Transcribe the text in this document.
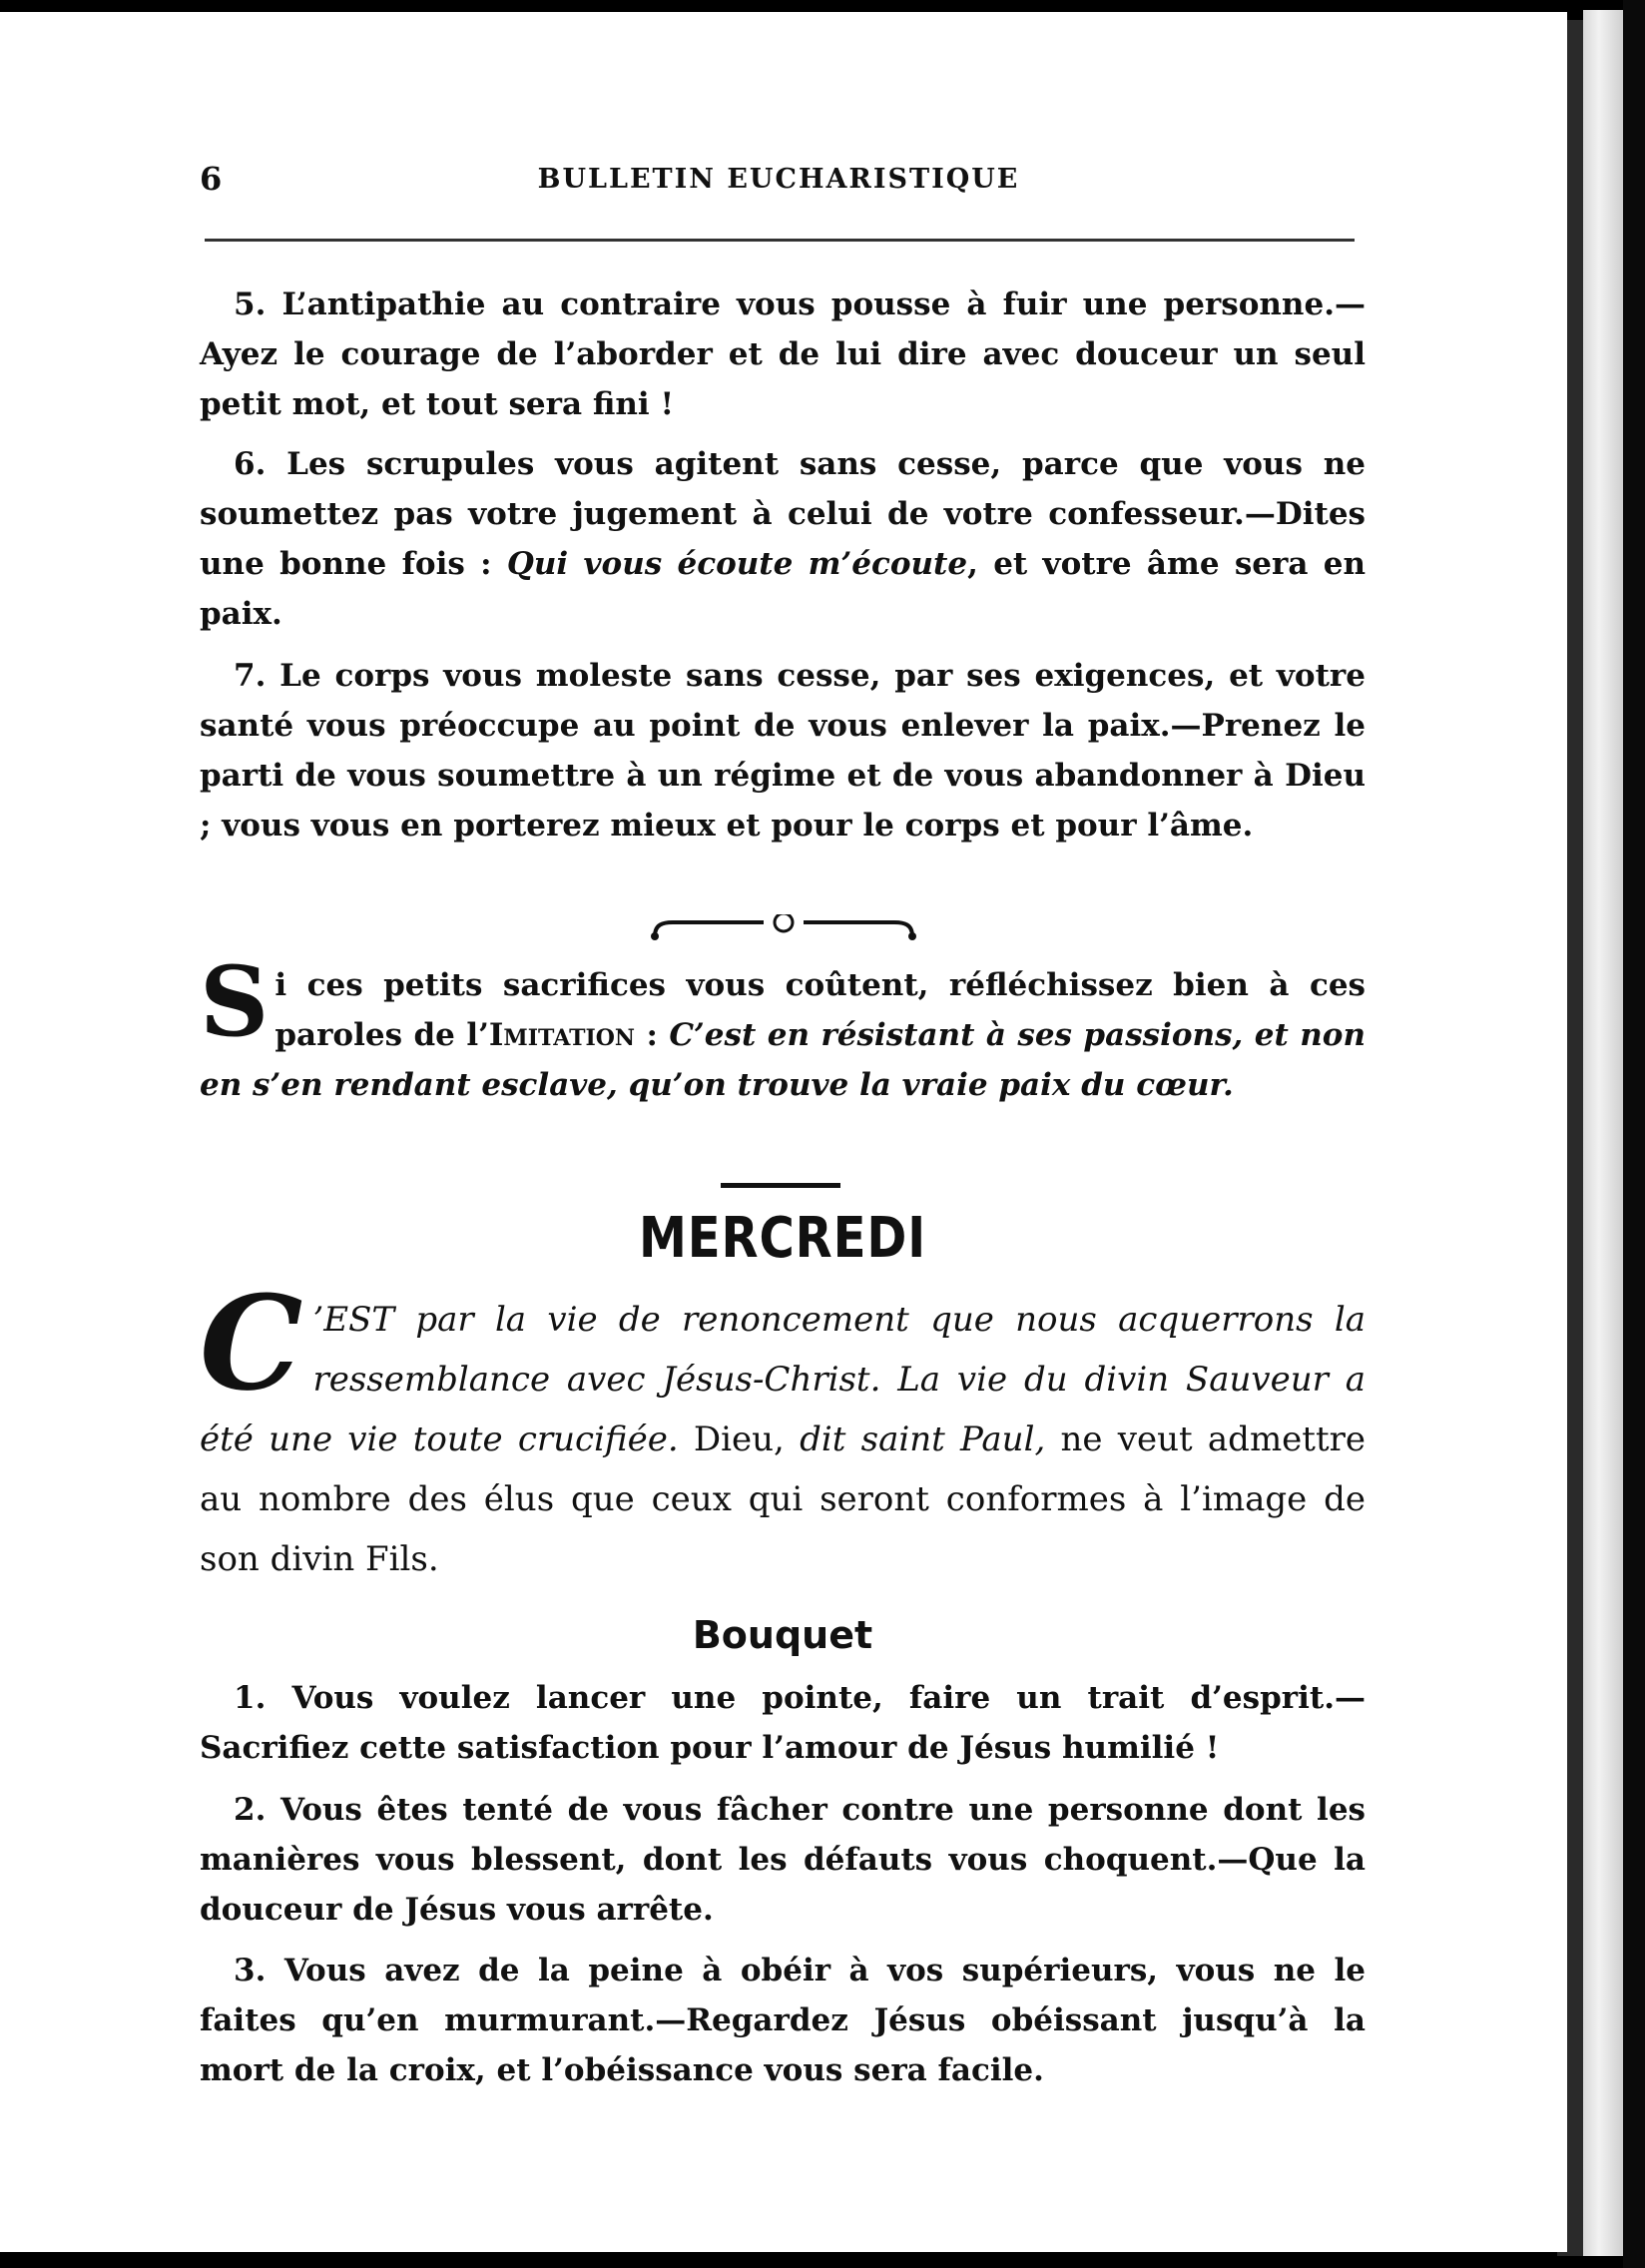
6	BULLETIN EUCHARISTIQUE

5. L’antipathie au contraire vous pousse à fuir une personne.—Ayez le courage de l’aborder et de lui dire avec douceur un seul petit mot, et tout sera fini !

6. Les scrupules vous agitent sans cesse, parce que vous ne soumettez pas votre jugement à celui de votre confesseur.—Dites une bonne fois : Qui vous écoute m’écoute, et votre âme sera en paix.

7. Le corps vous moleste sans cesse, par ses exigences, et votre santé vous préoccupe au point de vous enlever la paix.—Prenez le parti de vous soumettre à un régime et de vous abandonner à Dieu ; vous vous en porterez mieux et pour le corps et pour l’âme.

Si ces petits sacrifices vous coûtent, réfléchissez bien à ces paroles de l’Imitation : C’est en résistant à ses passions, et non en s’en rendant esclave, qu’on trouve la vraie paix du cœur.
MERCREDI
C ’EST par la vie de renoncement que nous acquerrons la ressemblance avec Jésus-Christ. La vie du divin Sauveur a été une vie toute crucifiée. Dieu, dit saint Paul, ne veut admettre au nombre des élus que ceux qui seront conformes à l’image de son divin Fils.
Bouquet

1. Vous voulez lancer une pointe, faire un trait d’esprit.—Sacrifiez cette satisfaction pour l’amour de Jésus humilié !

2. Vous êtes tenté de vous fâcher contre une personne dont les manières vous blessent, dont les défauts vous choquent.—Que la douceur de Jésus vous arrête.

3. Vous avez de la peine à obéir à vos supérieurs, vous ne le faites qu’en murmurant.—Regardez Jésus obéissant jusqu’à la mort de la croix, et l’obéissance vous sera facile.
